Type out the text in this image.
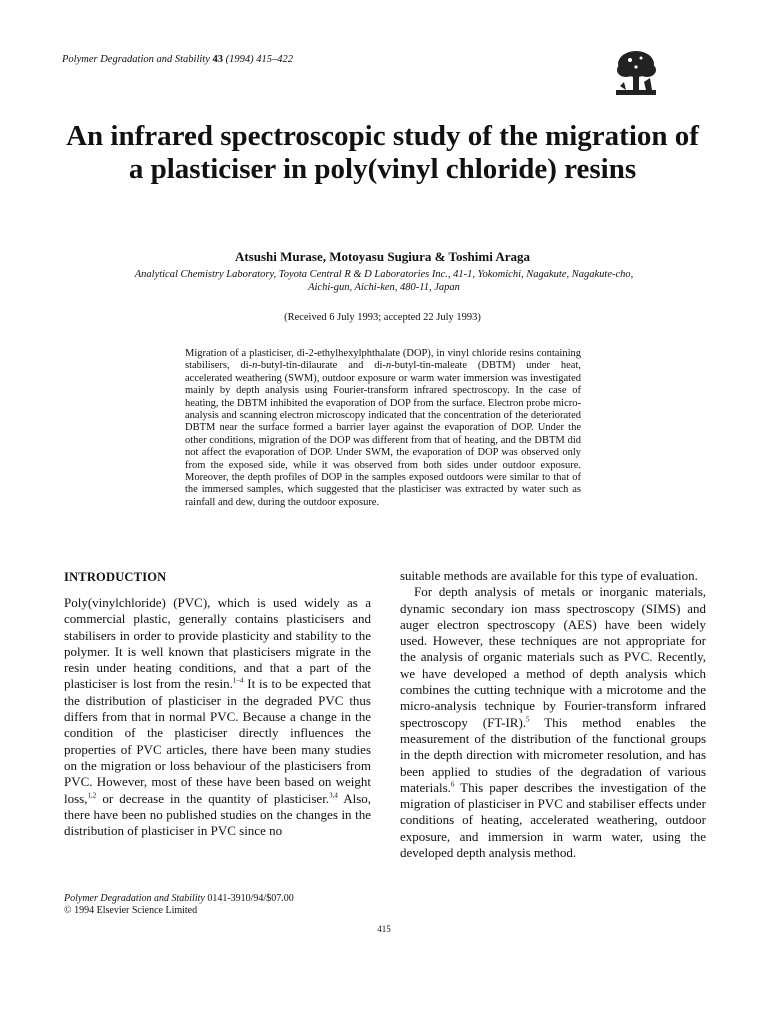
Polymer Degradation and Stability 43 (1994) 415–422
An infrared spectroscopic study of the migration of a plasticiser in poly(vinyl chloride) resins
Atsushi Murase, Motoyasu Sugiura & Toshimi Araga
Analytical Chemistry Laboratory, Toyota Central R & D Laboratories Inc., 41-1, Yokomichi, Nagakute, Nagakute-cho,
Aichi-gun, Aichi-ken, 480-11, Japan
(Received 6 July 1993; accepted 22 July 1993)
Migration of a plasticiser, di-2-ethylhexylphthalate (DOP), in vinyl chloride resins containing stabilisers, di-n-butyl-tin-dilaurate and di-n-butyl-tin-maleate (DBTM) under heat, accelerated weathering (SWM), outdoor exposure or warm water immersion was investigated mainly by depth analysis using Fourier-transform infrared spectroscopy. In the case of heating, the DBTM inhibited the evaporation of DOP from the surface. Electron probe micro-analysis and scanning electron microscopy indicated that the concentration of the deteriorated DBTM near the surface formed a barrier layer against the evaporation of DOP. Under the other conditions, migration of the DOP was different from that of heating, and the DBTM did not affect the evaporation of DOP. Under SWM, the evaporation of DOP was observed only from the exposed side, while it was observed from both sides under outdoor exposure. Moreover, the depth profiles of DOP in the samples exposed outdoors were similar to that of the immersed samples, which suggested that the plasticiser was extracted by water such as rainfall and dew, during the outdoor exposure.
INTRODUCTION

Poly(vinylchloride) (PVC), which is used widely as a commercial plastic, generally contains plasticisers and stabilisers in order to provide plasticity and stability to the polymer. It is well known that plasticisers migrate in the resin under heating conditions, and that a part of the plasticiser is lost from the resin.$^{1-4}$ It is to be expected that the distribution of plasticiser in the degraded PVC thus differs from that in normal PVC. Because a change in the condition of the plasticiser directly influences the properties of PVC articles, there have been many studies on the migration or loss behaviour of the plasticisers from PVC. However, most of these have been based on weight loss,$^{1,2}$ or decrease in the quantity of plasticiser.$^{3,4}$ Also, there have been no published studies on the changes in the distribution of plasticiser in PVC since no

suitable methods are available for this type of evaluation.

For depth analysis of metals or inorganic materials, dynamic secondary ion mass spectroscopy (SIMS) and auger electron spectroscopy (AES) have been widely used. However, these techniques are not appropriate for the analysis of organic materials such as PVC. Recently, we have developed a method of depth analysis which combines the cutting technique with a microtome and the micro-analysis technique by Fourier-transform infrared spectroscopy (FT-IR).$^5$ This method enables the measurement of the distribution of the functional groups in the depth direction with micrometer resolution, and has been applied to studies of the degradation of various materials.$^6$ This paper describes the investigation of the migration of plasticiser in PVC and stabiliser effects under conditions of heating, accelerated weathering, outdoor exposure, and immersion in warm water, using the developed depth analysis method.

Polymer Degradation and Stability 0141-3910/94/$07.00
© 1994 Elsevier Science Limited
415
